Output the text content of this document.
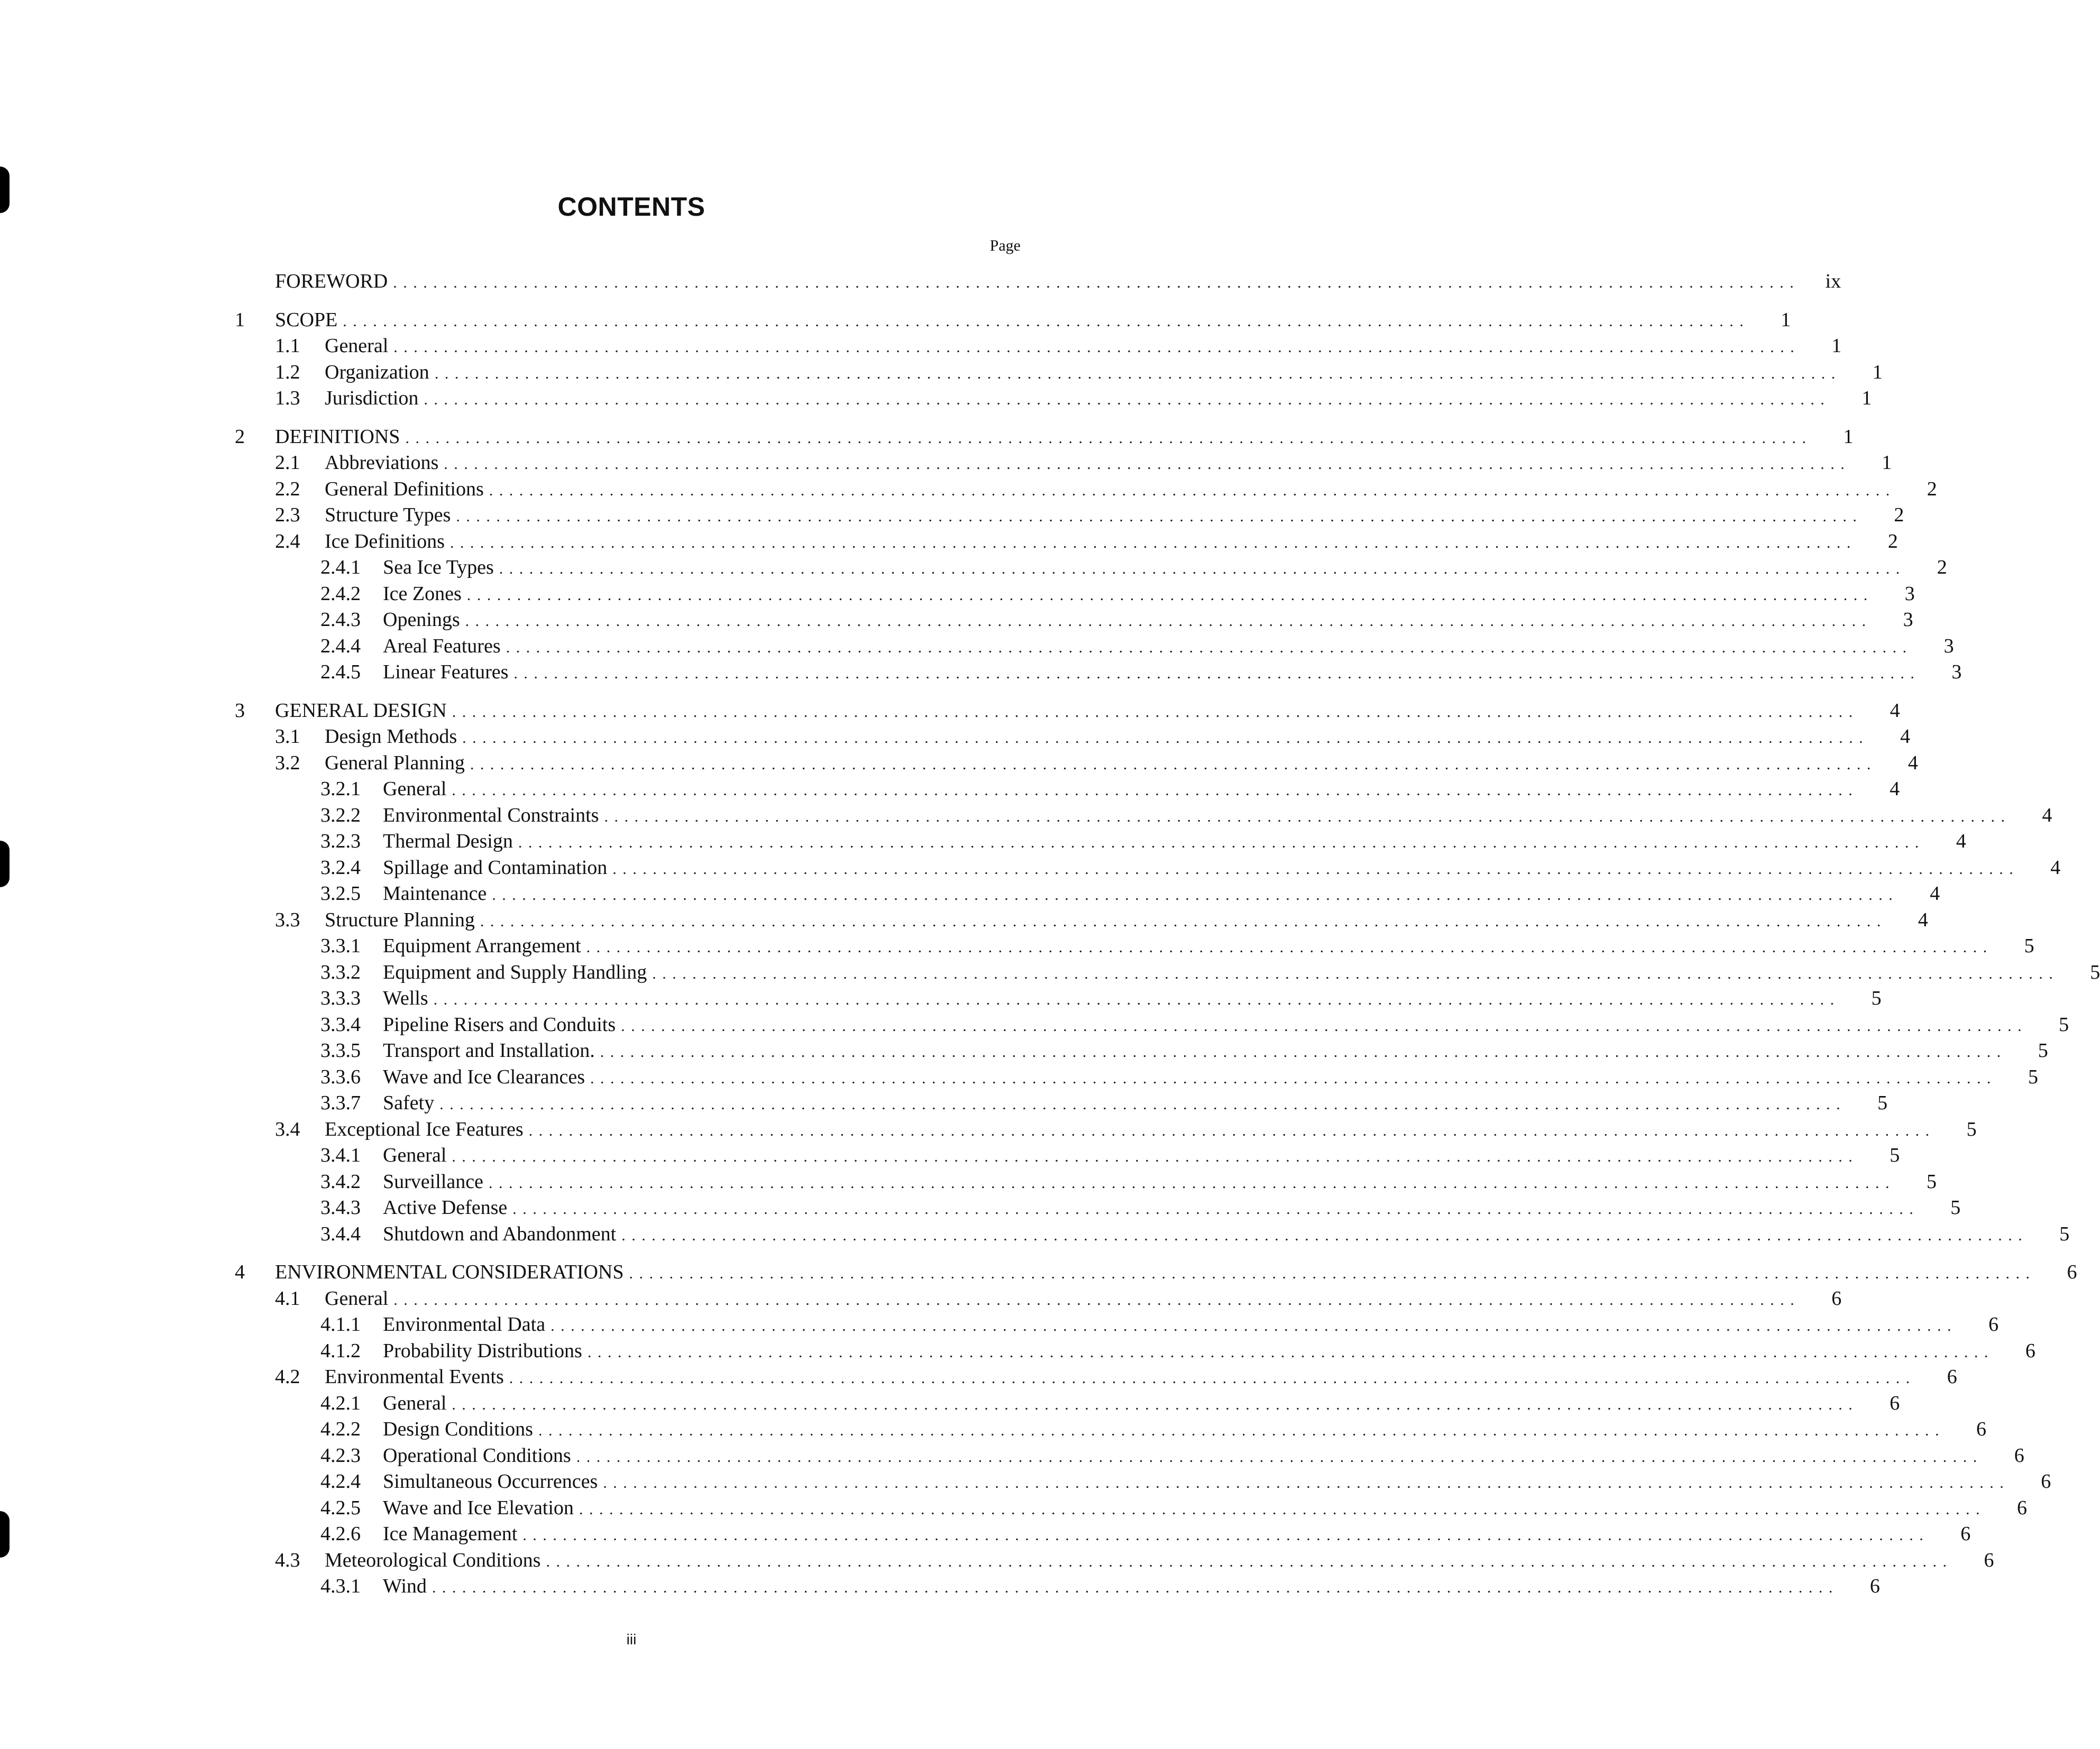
CONTENTS
Page
FOREWORD ............................................................................................................................................	ix
1	SCOPE ............................................................................................................................................	1
1.1	General ............................................................................................................................................	1
1.2	Organization ............................................................................................................................................	1
1.3	Jurisdiction ............................................................................................................................................	1
2	DEFINITIONS ............................................................................................................................................	1
2.1	Abbreviations ............................................................................................................................................	1
2.2	General Definitions ............................................................................................................................................	2
2.3	Structure Types ............................................................................................................................................	2
2.4	Ice Definitions ............................................................................................................................................	2
2.4.1	Sea Ice Types ............................................................................................................................................	2
2.4.2	Ice Zones ............................................................................................................................................	3
2.4.3	Openings ............................................................................................................................................	3
2.4.4	Areal Features ............................................................................................................................................	3
2.4.5	Linear Features ............................................................................................................................................	3
3	GENERAL DESIGN ............................................................................................................................................	4
3.1	Design Methods ............................................................................................................................................	4
3.2	General Planning ............................................................................................................................................	4
3.2.1	General ............................................................................................................................................	4
3.2.2	Environmental Constraints ............................................................................................................................................	4
3.2.3	Thermal Design ............................................................................................................................................	4
3.2.4	Spillage and Contamination ............................................................................................................................................	4
3.2.5	Maintenance ............................................................................................................................................	4
3.3	Structure Planning ............................................................................................................................................	4
3.3.1	Equipment Arrangement ............................................................................................................................................	5
3.3.2	Equipment and Supply Handling ............................................................................................................................................	5
3.3.3	Wells ............................................................................................................................................	5
3.3.4	Pipeline Risers and Conduits ............................................................................................................................................	5
3.3.5	Transport and Installation. ............................................................................................................................................	5
3.3.6	Wave and Ice Clearances ............................................................................................................................................	5
3.3.7	Safety ............................................................................................................................................	5
3.4	Exceptional Ice Features ............................................................................................................................................	5
3.4.1	General ............................................................................................................................................	5
3.4.2	Surveillance ............................................................................................................................................	5
3.4.3	Active Defense ............................................................................................................................................	5
3.4.4	Shutdown and Abandonment ............................................................................................................................................	5
4	ENVIRONMENTAL CONSIDERATIONS ............................................................................................................................................	6
4.1	General ............................................................................................................................................	6
4.1.1	Environmental Data ............................................................................................................................................	6
4.1.2	Probability Distributions ............................................................................................................................................	6
4.2	Environmental Events ............................................................................................................................................	6
4.2.1	General ............................................................................................................................................	6
4.2.2	Design Conditions ............................................................................................................................................	6
4.2.3	Operational Conditions ............................................................................................................................................	6
4.2.4	Simultaneous Occurrences ............................................................................................................................................	6
4.2.5	Wave and Ice Elevation ............................................................................................................................................	6
4.2.6	Ice Management ............................................................................................................................................	6
4.3	Meteorological Conditions ............................................................................................................................................	6
4.3.1	Wind ............................................................................................................................................	6
iii
